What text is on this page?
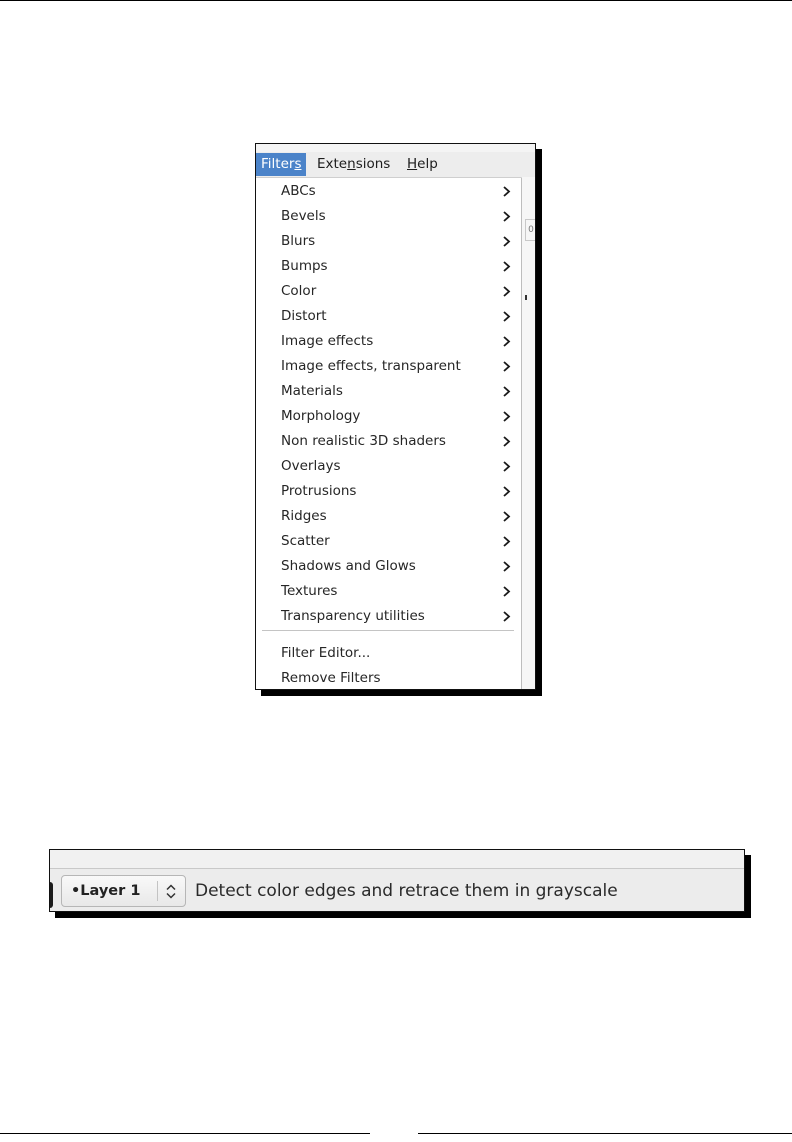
Filters	Extensions	Help
0
ABCs
Bevels
Blurs
Bumps
Color
Distort
Image effects
Image effects, transparent
Materials
Morphology
Non realistic 3D shaders
Overlays
Protrusions
Ridges
Scatter
Shadows and Glows
Textures
Transparency utilities
Filter Editor...
Remove Filters
•Layer 1	Detect color edges and retrace them in grayscale
